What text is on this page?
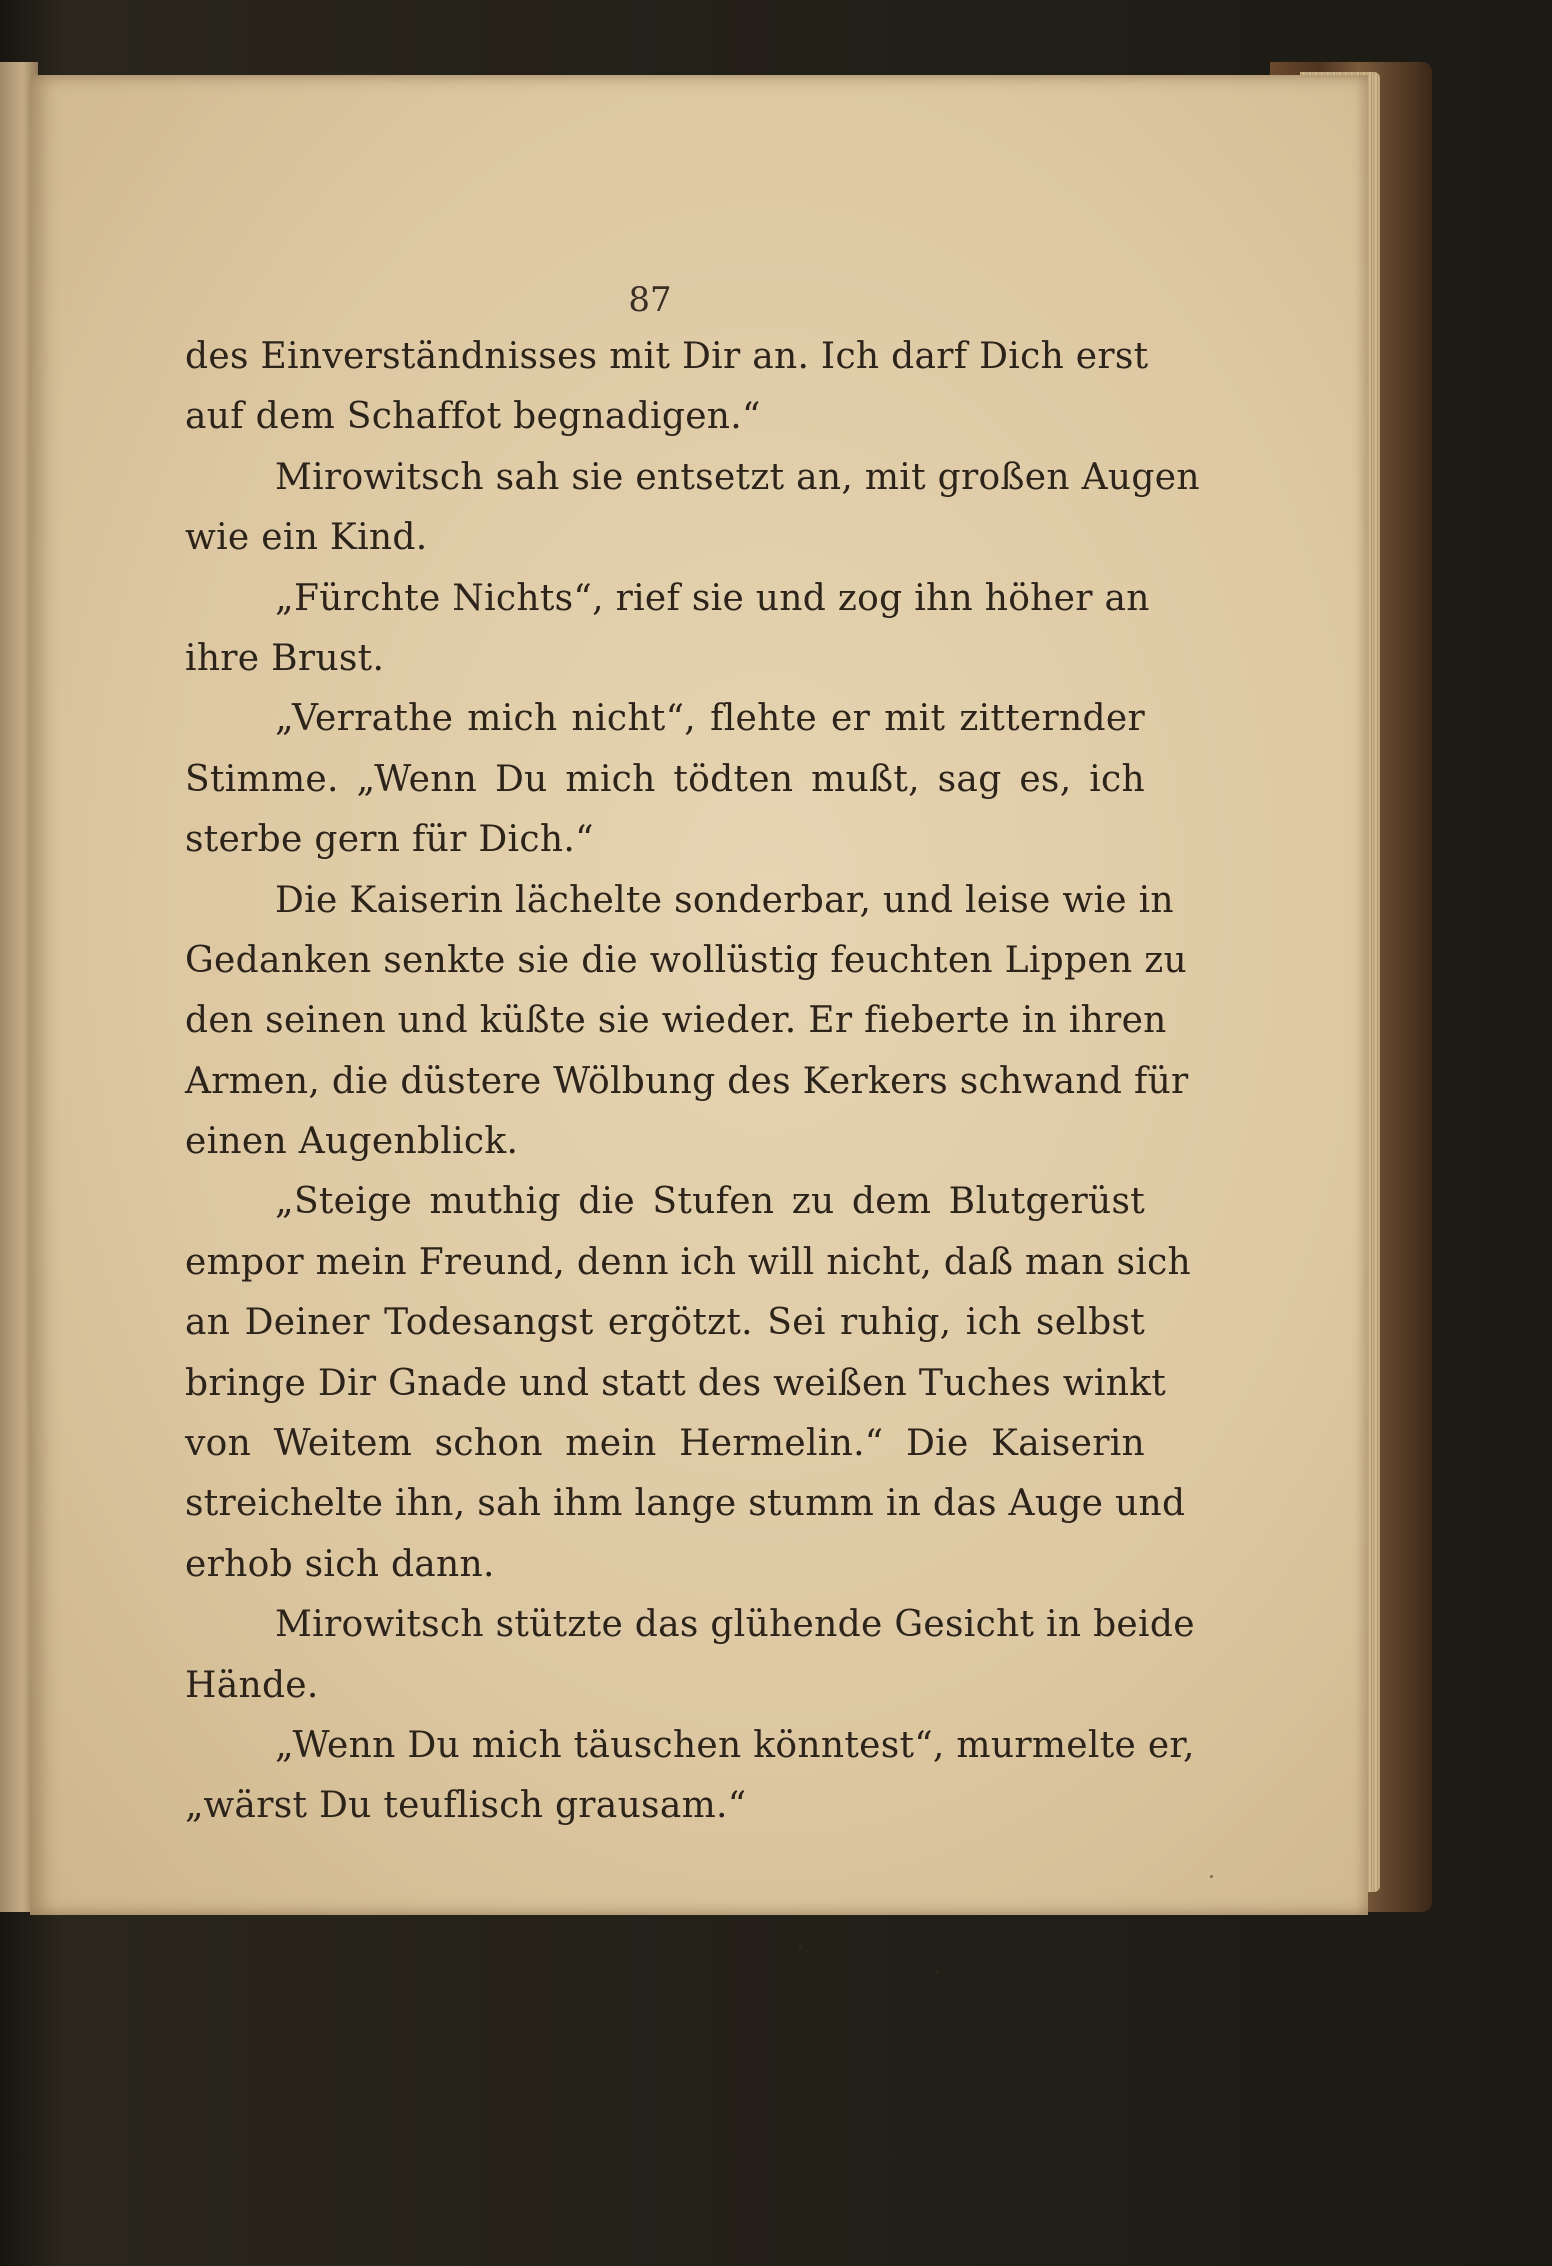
87
des Einverständnisses mit Dir an. Ich darf Dich erst
auf dem Schaffot begnadigen.“
Mirowitsch sah sie entsetzt an, mit großen Augen
wie ein Kind.
„Fürchte Nichts“, rief sie und zog ihn höher an
ihre Brust.
„Verrathe mich nicht“, flehte er mit zitternder
Stimme. „Wenn Du mich tödten mußt, sag es, ich
sterbe gern für Dich.“
Die Kaiserin lächelte sonderbar, und leise wie in
Gedanken senkte sie die wollüstig feuchten Lippen zu
den seinen und küßte sie wieder. Er fieberte in ihren
Armen, die düstere Wölbung des Kerkers schwand für
einen Augenblick.
„Steige muthig die Stufen zu dem Blutgerüst
empor mein Freund, denn ich will nicht, daß man sich
an Deiner Todesangst ergötzt. Sei ruhig, ich selbst
bringe Dir Gnade und statt des weißen Tuches winkt
von Weitem schon mein Hermelin.“ Die Kaiserin
streichelte ihn, sah ihm lange stumm in das Auge und
erhob sich dann.
Mirowitsch stützte das glühende Gesicht in beide
Hände.
„Wenn Du mich täuschen könntest“, murmelte er,
„wärst Du teuflisch grausam.“
